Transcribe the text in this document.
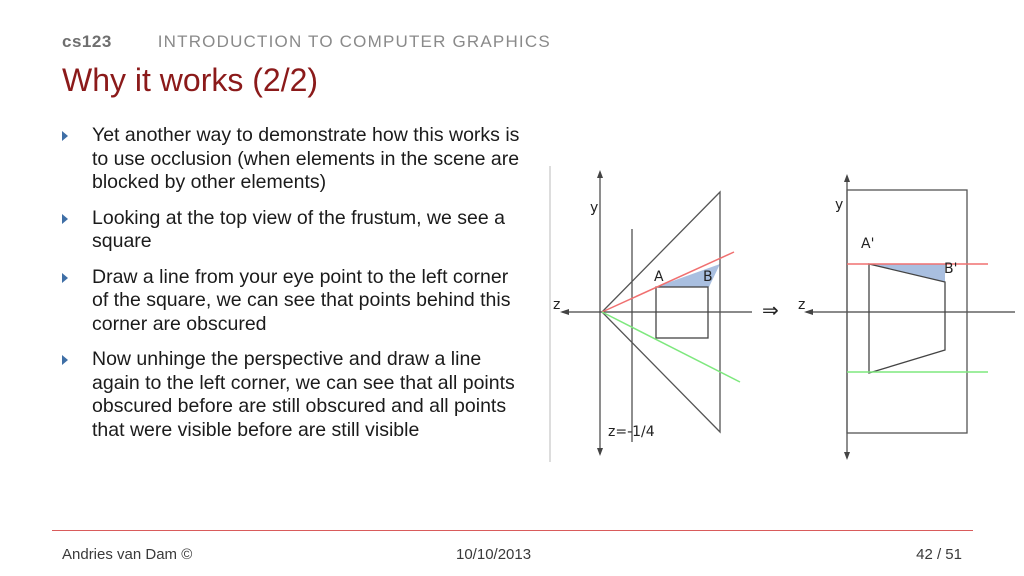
cs123	INTRODUCTION TO COMPUTER GRAPHICS
Why it works (2/2)
Yet another way to demonstrate how this works is to use occlusion (when elements in the scene are blocked by other elements)
Looking at the top view of the frustum, we see a square
Draw a line from your eye point to the left corner of the square, we can see that points behind this corner are obscured
Now unhinge the perspective and draw a line again to the left corner, we can see that all points obscured before are still obscured and all points that were visible before are still visible
y
z
A	B
z=-1/4
⇒
y
z
A'
B'
Andries van Dam ©	10/10/2013	42 / 51
